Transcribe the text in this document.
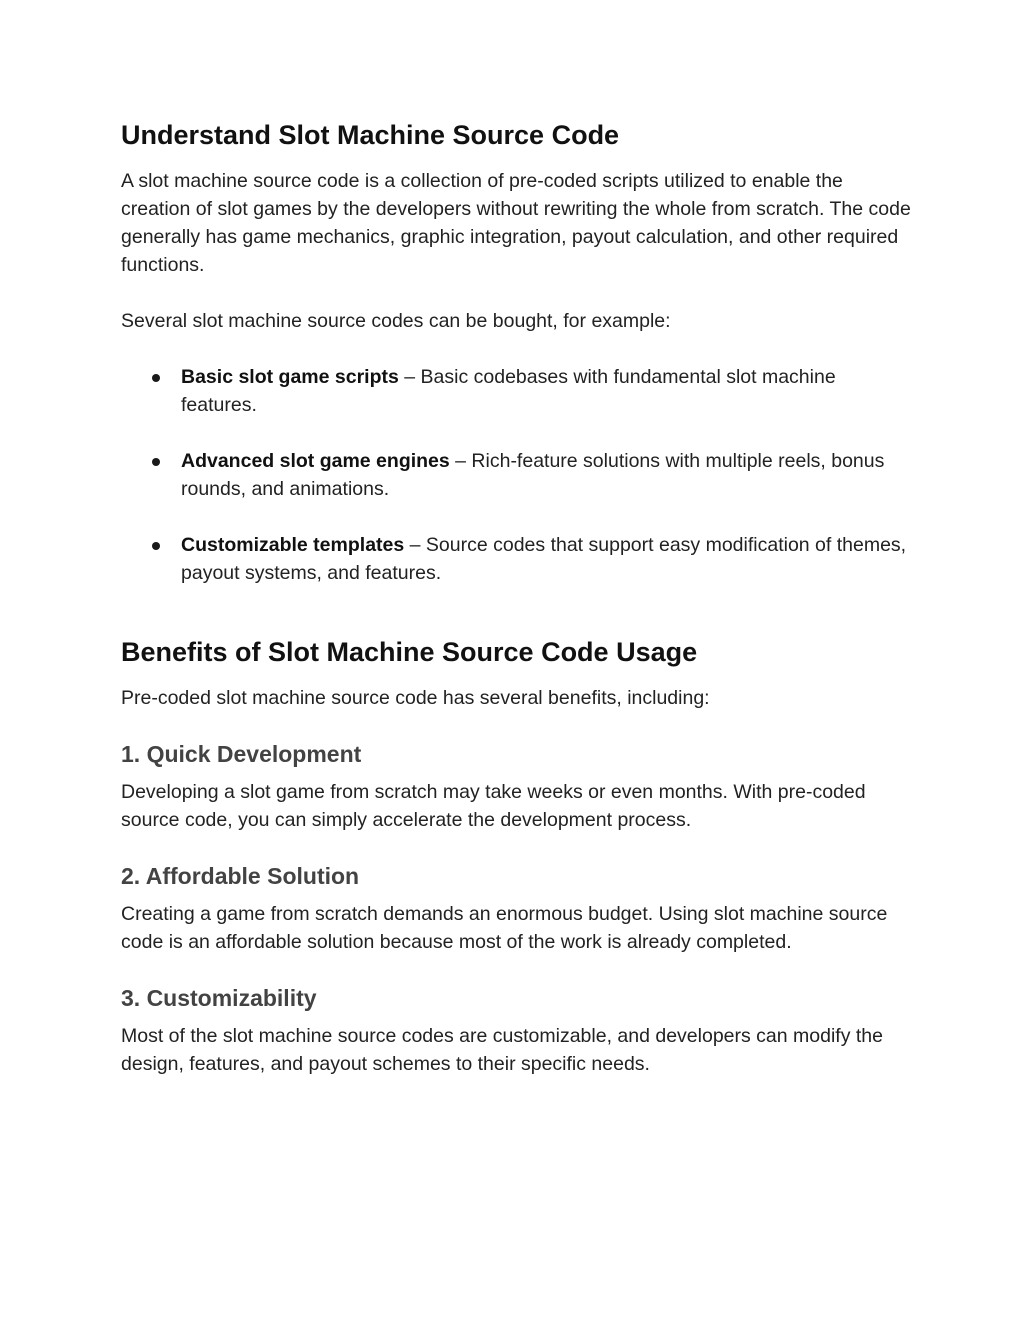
Understand Slot Machine Source Code

A slot machine source code is a collection of pre-coded scripts utilized to enable the creation of slot games by the developers without rewriting the whole from scratch. The code generally has game mechanics, graphic integration, payout calculation, and other required functions.

Several slot machine source codes can be bought, for example:

Basic slot game scripts – Basic codebases with fundamental slot machine features.
Advanced slot game engines – Rich-feature solutions with multiple reels, bonus rounds, and animations.
Customizable templates – Source codes that support easy modification of themes, payout systems, and features.
Benefits of Slot Machine Source Code Usage

Pre-coded slot machine source code has several benefits, including:

1. Quick Development

Developing a slot game from scratch may take weeks or even months. With pre-coded source code, you can simply accelerate the development process.

2. Affordable Solution

Creating a game from scratch demands an enormous budget. Using slot machine source code is an affordable solution because most of the work is already completed.

3. Customizability

Most of the slot machine source codes are customizable, and developers can modify the design, features, and payout schemes to their specific needs.
